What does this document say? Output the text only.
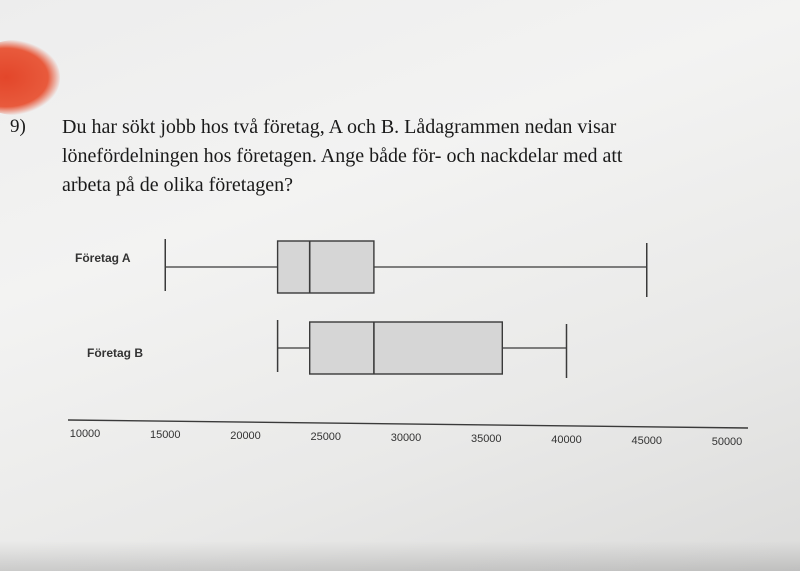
9) Du har sökt jobb hos två företag, A och B. Lådagrammen nedan visar
lönefördelningen hos företagen. Ange både för- och nackdelar med att
arbeta på de olika företagen?
Företag A
Företag B
10000	15000	20000	25000	30000	35000	40000	45000	50000
